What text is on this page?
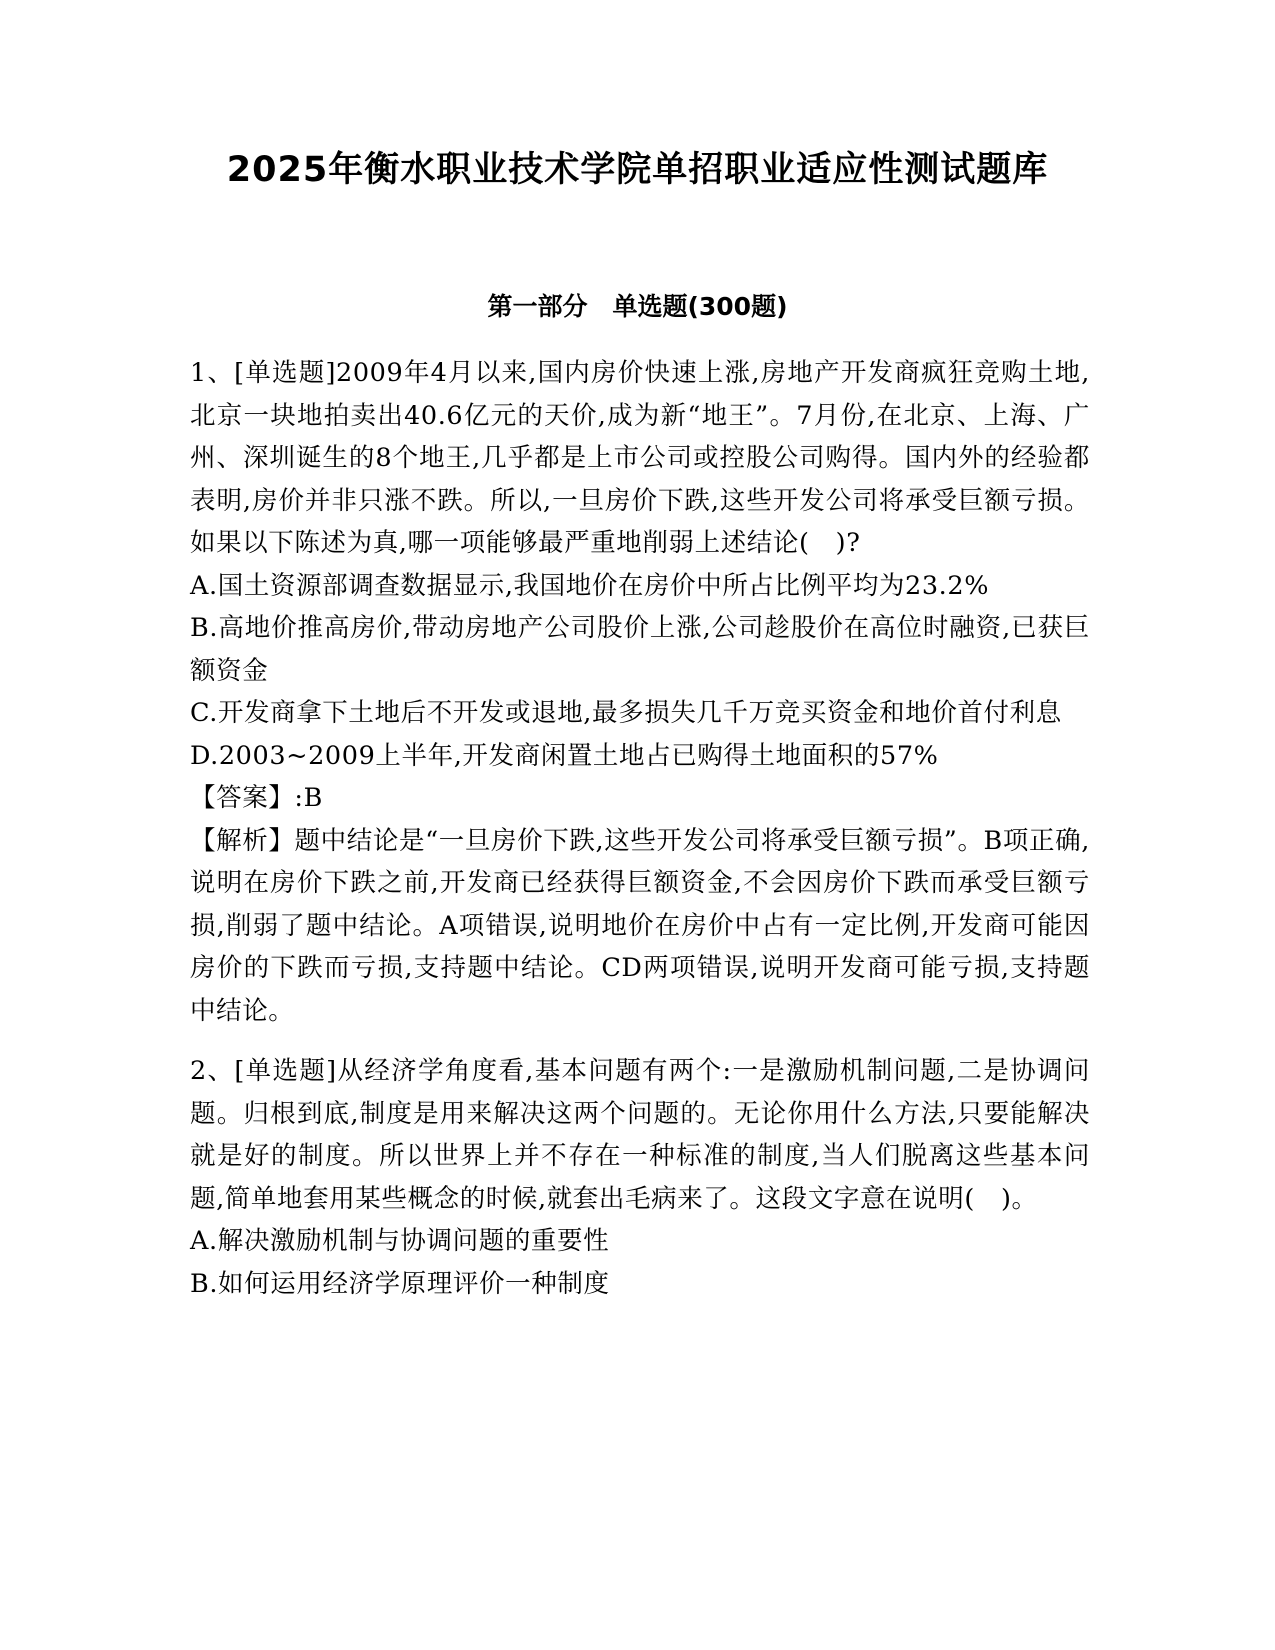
2025年衡水职业技术学院单招职业适应性测试题库
第一部分　单选题(300题)

1、[单选题]2009年4月以来,国内房价快速上涨,房地产开发商疯狂竞购土地,北京一块地拍卖出40.6亿元的天价,成为新“地王”。7月份,在北京、上海、广州、深圳诞生的8个地王,几乎都是上市公司或控股公司购得。国内外的经验都表明,房价并非只涨不跌。所以,一旦房价下跌,这些开发公司将承受巨额亏损。如果以下陈述为真,哪一项能够最严重地削弱上述结论(　)?

A.国土资源部调查数据显示,我国地价在房价中所占比例平均为23.2%

B.高地价推高房价,带动房地产公司股价上涨,公司趁股价在高位时融资,已获巨额资金

C.开发商拿下土地后不开发或退地,最多损失几千万竞买资金和地价首付利息

D.2003~2009上半年,开发商闲置土地占已购得土地面积的57%

【答案】:B

【解析】题中结论是“一旦房价下跌,这些开发公司将承受巨额亏损”。B项正确,说明在房价下跌之前,开发商已经获得巨额资金,不会因房价下跌而承受巨额亏损,削弱了题中结论。A项错误,说明地价在房价中占有一定比例,开发商可能因房价的下跌而亏损,支持题中结论。CD两项错误,说明开发商可能亏损,支持题中结论。

2、[单选题]从经济学角度看,基本问题有两个:一是激励机制问题,二是协调问题。归根到底,制度是用来解决这两个问题的。无论你用什么方法,只要能解决就是好的制度。所以世界上并不存在一种标准的制度,当人们脱离这些基本问题,简单地套用某些概念的时候,就套出毛病来了。这段文字意在说明(　)。

A.解决激励机制与协调问题的重要性

B.如何运用经济学原理评价一种制度
